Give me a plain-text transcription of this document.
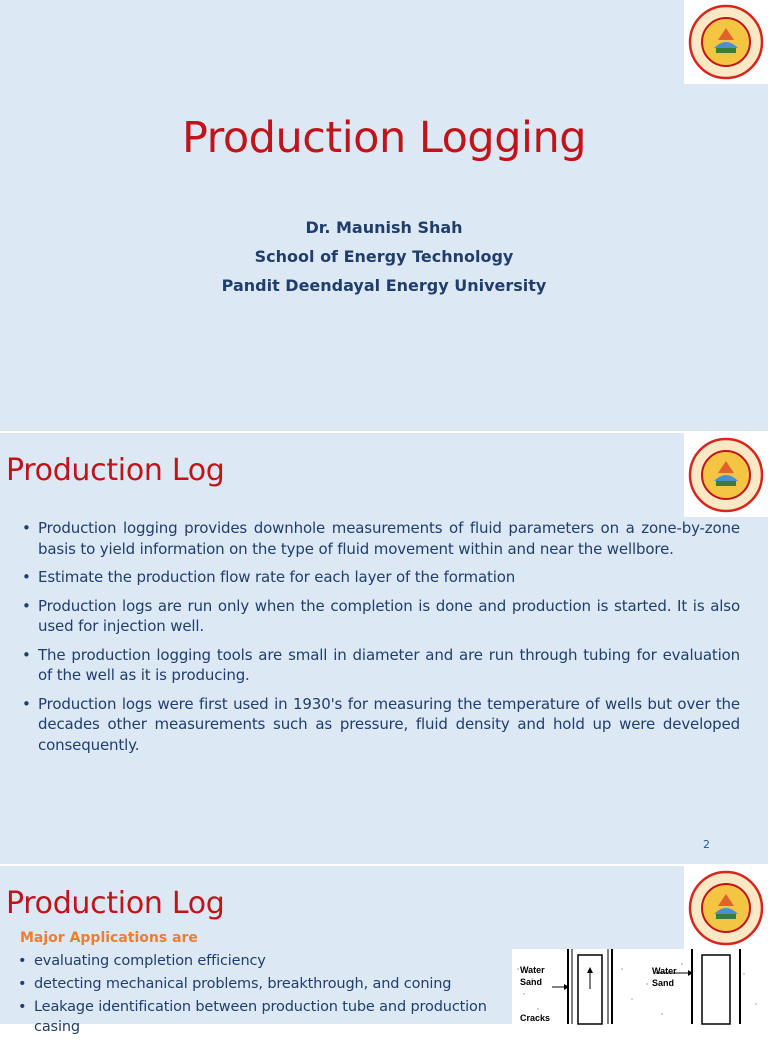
Production Logging
Dr. Maunish Shah
School of Energy Technology
Pandit Deendayal Energy University
Production Log
• Production logging provides downhole measurements of fluid parameters on a zone-by-zone basis to yield information on the type of fluid movement within and near the wellbore.
• Estimate the production flow rate for each layer of the formation
• Production logs are run only when the completion is done and production is started. It is also used for injection well.
• The production logging tools are small in diameter and are run through tubing for evaluation of the well as it is producing.
• Production logs were first used in 1930's for measuring the temperature of wells but over the decades other measurements such as pressure, fluid density and hold up were developed consequently.
2
Production Log
Major Applications are
• evaluating completion efficiency
• detecting mechanical problems, breakthrough, and coning
• Leakage identification between production tube and production casing
Water Sand
Water Sand
Cracks
